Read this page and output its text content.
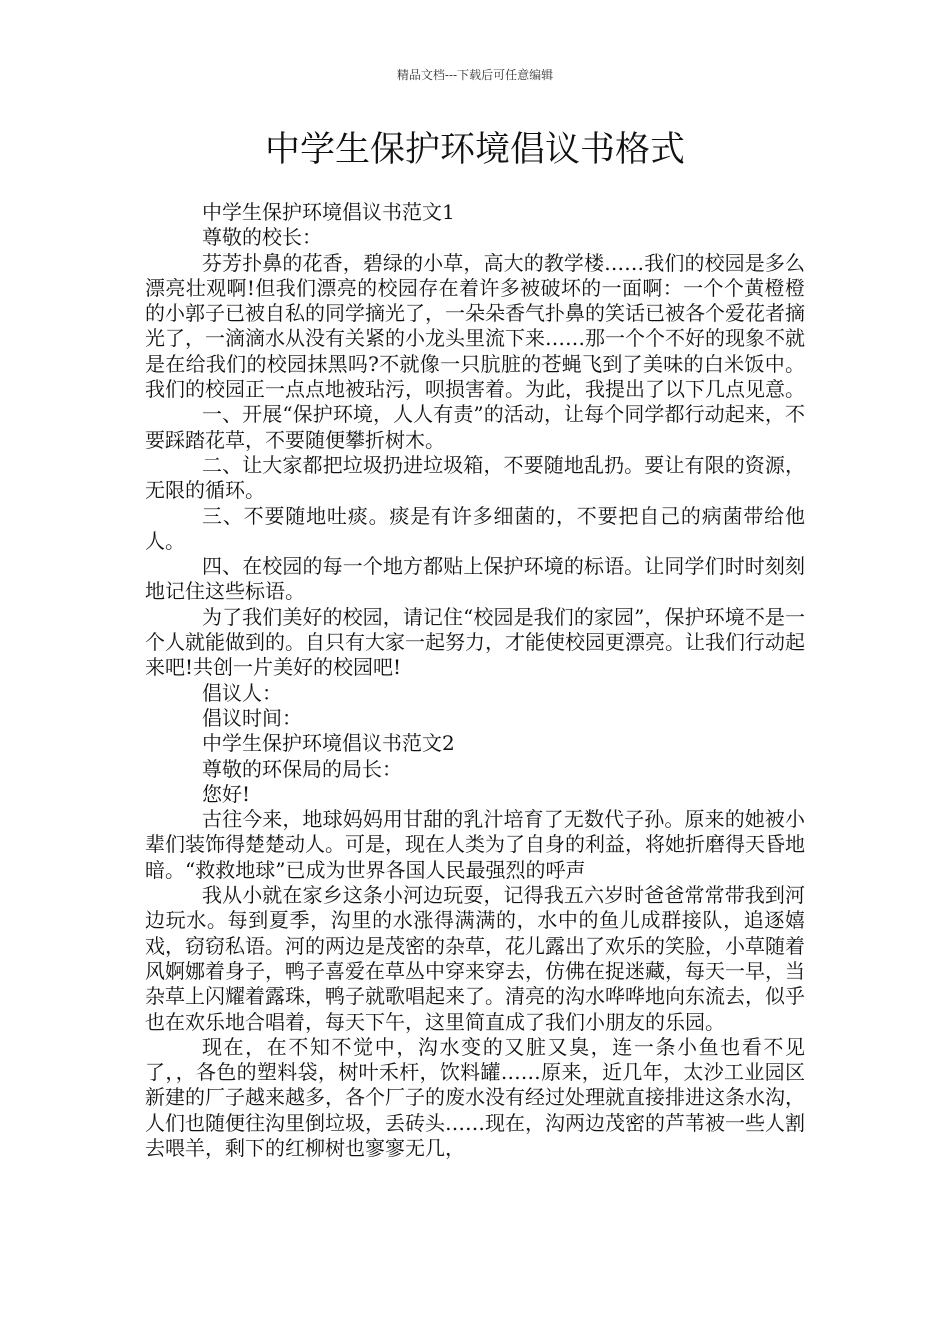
精品文档---下载后可任意编辑
中学生保护环境倡议书格式

中学生保护环境倡议书范文1

尊敬的校长：

芬芳扑鼻的花香，碧绿的小草，高大的教学楼……我们的校园是多么漂亮壮观啊!但我们漂亮的校园存在着许多被破坏的一面啊：一个个黄橙橙的小郭子已被自私的同学摘光了，一朵朵香气扑鼻的笑话已被各个爱花者摘光了，一滴滴水从没有关紧的小龙头里流下来……那一个个不好的现象不就是在给我们的校园抹黑吗?不就像一只肮脏的苍蝇飞到了美味的白米饭中。我们的校园正一点点地被玷污，呗损害着。为此，我提出了以下几点见意。

一、开展“保护环境，人人有责”的活动，让每个同学都行动起来，不要踩踏花草，不要随便攀折树木。

二、让大家都把垃圾扔进垃圾箱，不要随地乱扔。要让有限的资源，无限的循环。

三、不要随地吐痰。痰是有许多细菌的，不要把自己的病菌带给他人。

四、在校园的每一个地方都贴上保护环境的标语。让同学们时时刻刻地记住这些标语。

为了我们美好的校园，请记住“校园是我们的家园”，保护环境不是一个人就能做到的。自只有大家一起努力，才能使校园更漂亮。让我们行动起来吧!共创一片美好的校园吧!

倡议人：

倡议时间：

中学生保护环境倡议书范文2

尊敬的环保局的局长：

您好!

古往今来，地球妈妈用甘甜的乳汁培育了无数代子孙。原来的她被小辈们装饰得楚楚动人。可是，现在人类为了自身的利益，将她折磨得天昏地暗。“救救地球”已成为世界各国人民最强烈的呼声

我从小就在家乡这条小河边玩耍，记得我五六岁时爸爸常常带我到河边玩水。每到夏季，沟里的水涨得满满的，水中的鱼儿成群接队，追逐嬉戏，窃窃私语。河的两边是茂密的杂草，花儿露出了欢乐的笑脸，小草随着风婀娜着身子，鸭子喜爱在草丛中穿来穿去，仿佛在捉迷藏，每天一早，当杂草上闪耀着露珠，鸭子就歌唱起来了。清亮的沟水哗哗地向东流去，似乎也在欢乐地合唱着，每天下午，这里简直成了我们小朋友的乐园。

现在，在不知不觉中，沟水变的又脏又臭，连一条小鱼也看不见了，，各色的塑料袋，树叶禾杆，饮料罐……原来，近几年，太沙工业园区新建的厂子越来越多，各个厂子的废水没有经过处理就直接排进这条水沟，人们也随便往沟里倒垃圾，丢砖头……现在，沟两边茂密的芦苇被一些人割去喂羊，剩下的红柳树也寥寥无几，
